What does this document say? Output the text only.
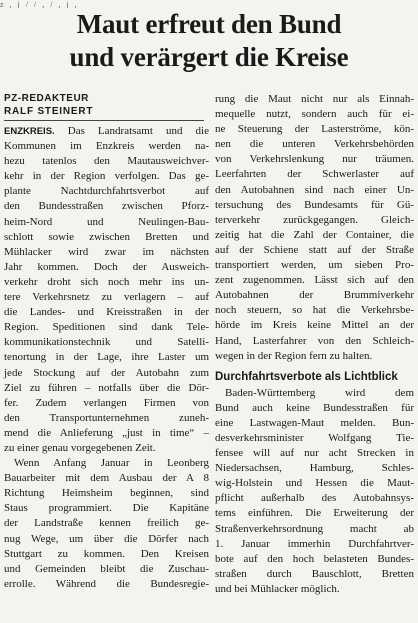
z , j / / , / , j ,
Maut erfreut den Bund
und verärgert die Kreise

PZ-REDAKTEUR

RALF STEINERT

ENZKREIS. Das Landratsamt und die

Kommunen im Enzkreis werden na-

hezu tatenlos den Mautausweichver-

kehr in der Region verfolgen. Das ge-

plante Nachtdurchfahrtsverbot auf

den Bundesstraßen zwischen Pforz-

heim-Nord und Neulingen-Bau-

schlott sowie zwischen Bretten und

Mühlacker wird zwar im nächsten

Jahr kommen. Doch der Ausweich-

verkehr droht sich noch mehr ins un-

tere Verkehrsnetz zu verlagern – auf

die Landes- und Kreisstraßen in der

Region. Speditionen sind dank Tele-

kommunikationstechnik und Satelli-

tenortung in der Lage, ihre Laster um

jede Stockung auf der Autobahn zum

Ziel zu führen – notfalls über die Dör-

fer. Zudem verlangen Firmen von

den Transportunternehmen zuneh-

mend die Anlieferung „just in time“ –

zu einer genau vorgegebenen Zeit.

Wenn Anfang Januar in Leonberg

Bauarbeiter mit dem Ausbau der A 8

Richtung Heimsheim beginnen, sind

Staus programmiert. Die Kapitäne

der Landstraße kennen freilich ge-

nug Wege, um über die Dörfer nach

Stuttgart zu kommen. Den Kreisen

und Gemeinden bleibt die Zuschau-

errolle. Während die Bundesregie-

rung die Maut nicht nur als Einnah-

mequelle nutzt, sondern auch für ei-

ne Steuerung der Lasterströme, kön-

nen die unteren Verkehrsbehörden

von Verkehrslenkung nur träumen.

Leerfahrten der Schwerlaster auf

den Autobahnen sind nach einer Un-

tersuchung des Bundesamts für Gü-

terverkehr zurückgegangen. Gleich-

zeitig hat die Zahl der Container, die

auf der Schiene statt auf der Straße

transportiert werden, um sieben Pro-

zent zugenommen. Lässt sich auf den

Autobahnen der Brummiverkehr

noch steuern, so hat die Verkehrsbe-

hörde im Kreis keine Mittel an der

Hand, Lasterfahrer von den Schleich-

wegen in der Region fern zu halten.

Durchfahrtsverbote als Lichtblick

Baden-Württemberg wird dem

Bund auch keine Bundesstraßen für

eine Lastwagen-Maut melden. Bun-

desverkehrsminister Wolfgang Tie-

fensee will auf nur acht Strecken in

Niedersachsen, Hamburg, Schles-

wig-Holstein und Hessen die Maut-

pflicht außerhalb des Autobahnsys-

tems einführen. Die Erweiterung der

Straßenverkehrsordnung macht ab

1. Januar immerhin Durchfahrtver-

bote auf den hoch belasteten Bundes-

straßen durch Bauschlott, Bretten

und bei Mühlacker möglich.
